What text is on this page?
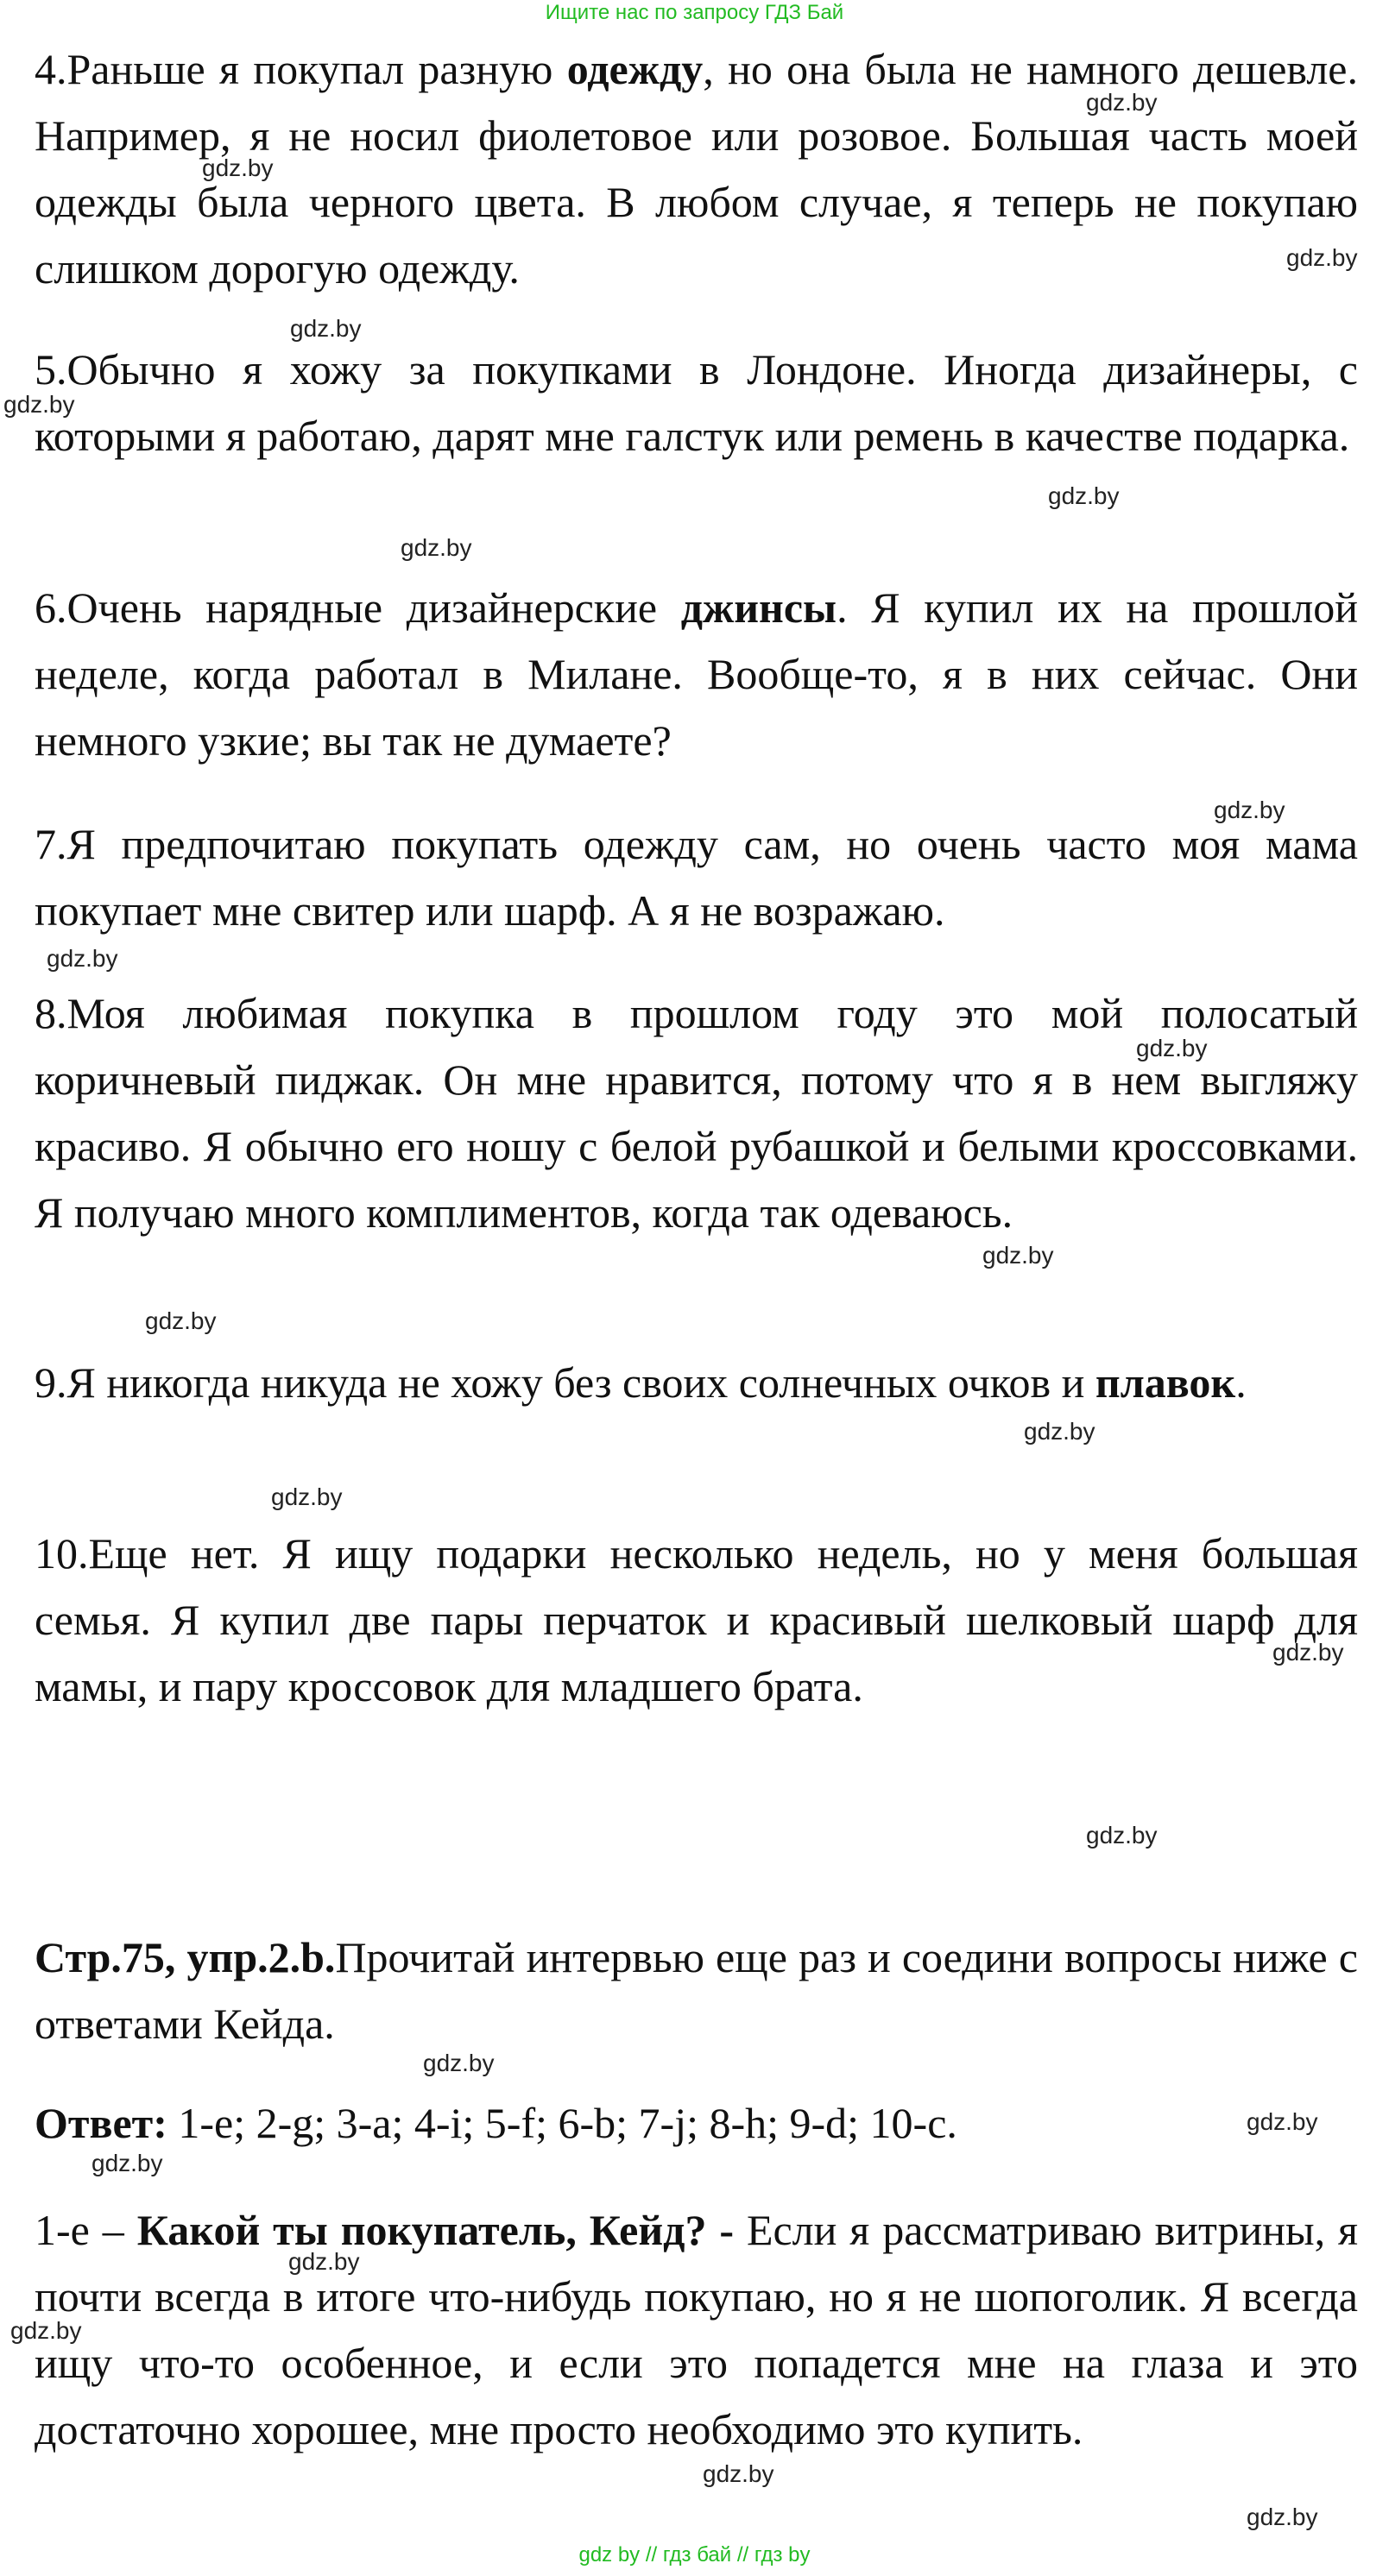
Ищите нас по запросу ГДЗ Бай

4.Раньше я покупал разную одежду, но она была не намного дешевле. Например, я не носил фиолетовое или розовое. Большая часть моей одежды была черного цвета. В любом случае, я теперь не покупаю слишком дорогую одежду.

5.Обычно я хожу за покупками в Лондоне. Иногда дизайнеры, с которыми я работаю, дарят мне галстук или ремень в качестве подарка.

6.Очень нарядные дизайнерские джинсы. Я купил их на прошлой неделе, когда работал в Милане. Вообще-то, я в них сейчас. Они немного узкие; вы так не думаете?

7.Я предпочитаю покупать одежду сам, но очень часто моя мама покупает мне свитер или шарф. А я не возражаю.

8.Моя любимая покупка в прошлом году это мой полосатый коричневый пиджак. Он мне нравится, потому что я в нем выгляжу красиво. Я обычно его ношу с белой рубашкой и белыми кроссовками. Я получаю много комплиментов, когда так одеваюсь.

9.Я никогда никуда не хожу без своих солнечных очков и плавок.

10.Еще нет. Я ищу подарки несколько недель, но у меня большая семья. Я купил две пары перчаток и красивый шелковый шарф для мамы, и пару кроссовок для младшего брата.

Стр.75, упр.2.b.Прочитай интервью еще раз и соедини вопросы ниже с ответами Кейда.

Ответ: 1-e; 2-g; 3-a; 4-i; 5-f; 6-b; 7-j; 8-h; 9-d; 10-c.

1-е – Какой ты покупатель, Кейд? - Если я рассматриваю витрины, я почти всегда в итоге что-нибудь покупаю, но я не шопоголик. Я всегда ищу что-то особенное, и если это попадется мне на глаза и это достаточно хорошее, мне просто необходимо это купить.

gdz.by
gdz.by
gdz.by
gdz.by
gdz.by
gdz.by
gdz.by
gdz.by
gdz.by
gdz.by
gdz.by
gdz.by
gdz.by
gdz.by
gdz.by
gdz.by
gdz.by
gdz.by
gdz.by
gdz.by
gdz.by
gdz.by
gdz.by
gdz by // гдз бай // гдз by
